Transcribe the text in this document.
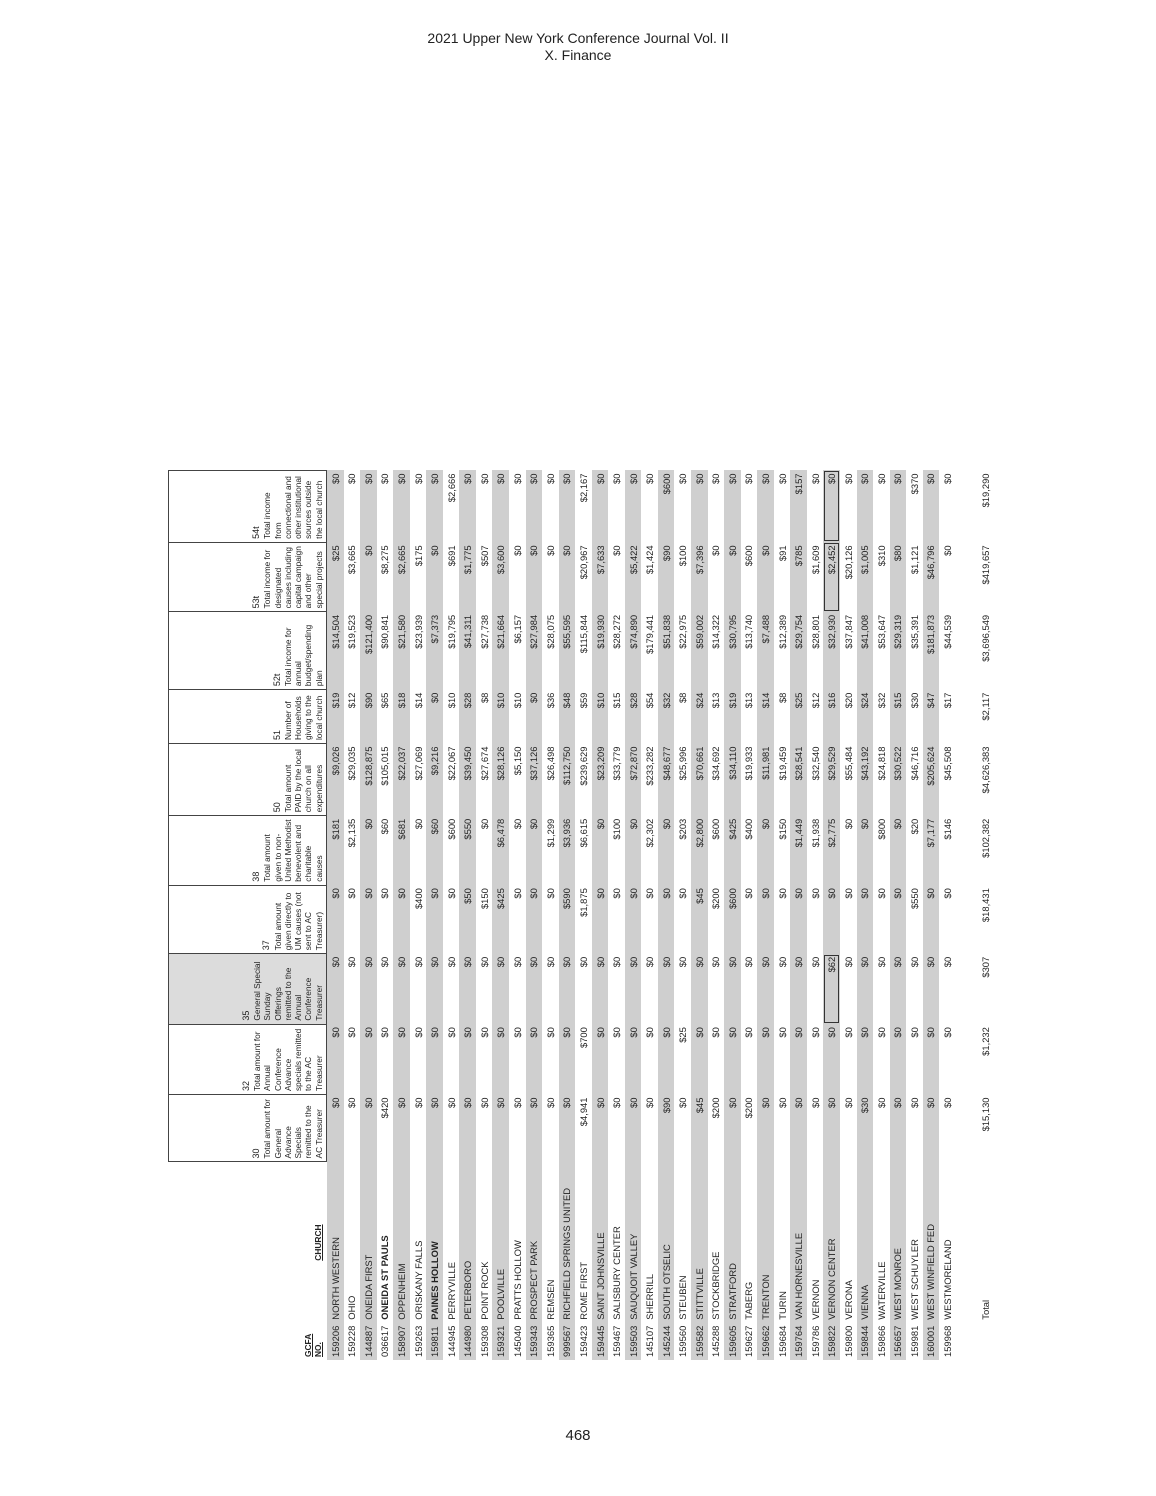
2021 Upper New York Conference Journal Vol. II
X. Finance
GCFA NO.	CHURCH	30 Total amount for General Advance Specials remitted to the AC Treasurer	32 Total amount for Annual Conference Advance specials remitted to the AC Treasurer	35 General Special Sunday Offerings remitted to the Annual Conference Treasurer	37 Total amount given directly to UM causes (not sent to AC Treasurer)	38 Total amount given to non-United Methodist benevolent and charitable causes	50 Total amount PAID by the local church on all expenditures	51 Number of Households giving to the local church	52t Total income for annual budget/spending plan	53t Total income for designated causes including capital campaign and other special projects	54t Total income from connectional and other institutional sources outside the local church
159206	NORTH WESTERN	$0	$0	$0	$0	$181	$9,026	$19	$14,504	$25	$0
159228	OHIO	$0	$0	$0	$0	$2,135	$29,035	$12	$19,523	$3,665	$0
144887	ONEIDA FIRST	$0	$0	$0	$0	$0	$128,875	$90	$121,400	$0	$0
036617	ONEIDA ST PAULS	$420	$0	$0	$0	$60	$105,015	$65	$90,841	$8,275	$0
158907	OPPENHEIM	$0	$0	$0	$0	$681	$22,037	$18	$21,580	$2,665	$0
159263	ORISKANY FALLS	$0	$0	$0	$400	$0	$27,069	$14	$23,939	$175	$0
159811	PAINES HOLLOW	$0	$0	$0	$0	$60	$9,216	$0	$7,373	$0	$0
144945	PERRYVILLE	$0	$0	$0	$0	$600	$22,067	$10	$19,795	$691	$2,666
144980	PETERBORO	$0	$0	$0	$50	$550	$39,450	$28	$41,311	$1,775	$0
159308	POINT ROCK	$0	$0	$0	$150	$0	$27,674	$8	$27,738	$507	$0
159321	POOLVILLE	$0	$0	$0	$425	$6,478	$28,126	$10	$21,664	$3,600	$0
145040	PRATTS HOLLOW	$0	$0	$0	$0	$0	$5,150	$10	$6,157	$0	$0
159343	PROSPECT PARK	$0	$0	$0	$0	$0	$37,126	$0	$27,984	$0	$0
159365	REMSEN	$0	$0	$0	$0	$1,299	$26,498	$36	$28,075	$0	$0
999567	RICHFIELD SPRINGS UNITED	$0	$0	$0	$590	$3,936	$112,750	$48	$55,595	$0	$0
159423	ROME FIRST	$4,941	$700	$0	$1,875	$6,615	$239,629	$59	$115,844	$20,967	$2,167
159445	SAINT JOHNSVILLE	$0	$0	$0	$0	$0	$23,209	$10	$19,930	$7,633	$0
159467	SALISBURY CENTER	$0	$0	$0	$0	$100	$33,779	$15	$28,272	$0	$0
159503	SAUQUOIT VALLEY	$0	$0	$0	$0	$0	$72,870	$28	$74,890	$5,422	$0
145107	SHERRILL	$0	$0	$0	$0	$2,302	$233,282	$54	$179,441	$1,424	$0
145244	SOUTH OTSELIC	$90	$0	$0	$0	$0	$48,677	$32	$51,838	$90	$600
159560	STEUBEN	$0	$25	$0	$0	$203	$25,996	$8	$22,975	$100	$0
159582	STITTVILLE	$45	$0	$0	$45	$2,800	$70,661	$24	$59,002	$7,396	$0
145288	STOCKBRIDGE	$200	$0	$0	$200	$600	$34,692	$13	$14,322	$0	$0
159605	STRATFORD	$0	$0	$0	$600	$425	$34,110	$19	$30,795	$0	$0
159627	TABERG	$200	$0	$0	$0	$400	$19,933	$13	$13,740	$600	$0
159662	TRENTON	$0	$0	$0	$0	$0	$11,981	$14	$7,488	$0	$0
159684	TURIN	$0	$0	$0	$0	$150	$19,459	$8	$12,389	$91	$0
159764	VAN HORNESVILLE	$0	$0	$0	$0	$1,449	$28,541	$25	$29,754	$785	$157
159786	VERNON	$0	$0	$0	$0	$1,938	$32,540	$12	$28,801	$1,609	$0
159822	VERNON CENTER	$0	$0	$62	$0	$2,775	$29,529	$16	$32,930	$2,452	$0
159800	VERONA	$0	$0	$0	$0	$0	$55,484	$20	$37,847	$20,126	$0
159844	VIENNA	$30	$0	$0	$0	$0	$43,192	$24	$41,008	$1,005	$0
159866	WATERVILLE	$0	$0	$0	$0	$800	$24,818	$32	$53,647	$310	$0
156657	WEST MONROE	$0	$0	$0	$0	$0	$30,522	$15	$29,319	$80	$0
159981	WEST SCHUYLER	$0	$0	$0	$550	$20	$46,716	$30	$35,391	$1,121	$370
160001	WEST WINFIELD FED	$0	$0	$0	$0	$7,177	$205,624	$47	$181,873	$46,796	$0
159968	WESTMORELAND	$0	$0	$0	$0	$146	$45,508	$17	$44,539	$0	$0
	Total	$15,130	$1,232	$307	$18,431	$102,382	$4,626,383	$2,117	$3,696,549	$419,657	$19,290
468
